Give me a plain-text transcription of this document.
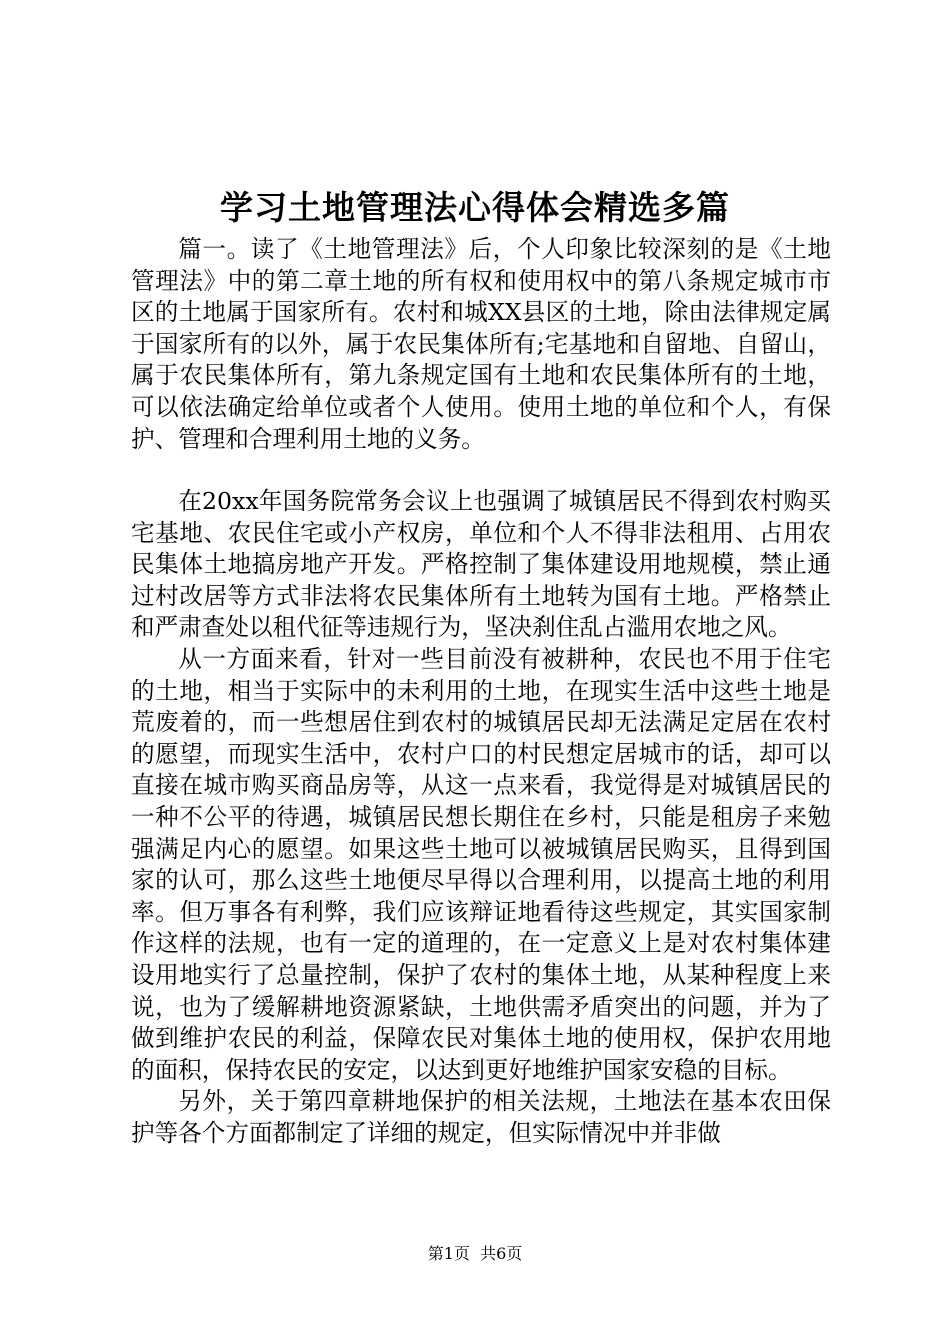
学习土地管理法心得体会精选多篇

篇一。读了《土地管理法》后，个人印象比较深刻的是《土地管理法》中的第二章土地的所有权和使用权中的第八条规定城市市区的土地属于国家所有。农村和城XX县区的土地，除由法律规定属于国家所有的以外，属于农民集体所有;宅基地和自留地、自留山，属于农民集体所有，第九条规定国有土地和农民集体所有的土地，可以依法确定给单位或者个人使用。使用土地的单位和个人，有保护、管理和合理利用土地的义务。

在20xx年国务院常务会议上也强调了城镇居民不得到农村购买宅基地、农民住宅或小产权房，单位和个人不得非法租用、占用农民集体土地搞房地产开发。严格控制了集体建设用地规模，禁止通过村改居等方式非法将农民集体所有土地转为国有土地。严格禁止和严肃查处以租代征等违规行为，坚决刹住乱占滥用农地之风。

从一方面来看，针对一些目前没有被耕种，农民也不用于住宅的土地，相当于实际中的未利用的土地，在现实生活中这些土地是荒废着的，而一些想居住到农村的城镇居民却无法满足定居在农村的愿望，而现实生活中，农村户口的村民想定居城市的话，却可以直接在城市购买商品房等，从这一点来看，我觉得是对城镇居民的一种不公平的待遇，城镇居民想长期住在乡村，只能是租房子来勉强满足内心的愿望。如果这些土地可以被城镇居民购买，且得到国家的认可，那么这些土地便尽早得以合理利用，以提高土地的利用率。但万事各有利弊，我们应该辩证地看待这些规定，其实国家制作这样的法规，也有一定的道理的，在一定意义上是对农村集体建设用地实行了总量控制，保护了农村的集体土地，从某种程度上来说，也为了缓解耕地资源紧缺，土地供需矛盾突出的问题，并为了做到维护农民的利益，保障农民对集体土地的使用权，保护农用地的面积，保持农民的安定，以达到更好地维护国家安稳的目标。

另外，关于第四章耕地保护的相关法规，土地法在基本农田保护等各个方面都制定了详细的规定，但实际情况中并非做

第1页 共6页
